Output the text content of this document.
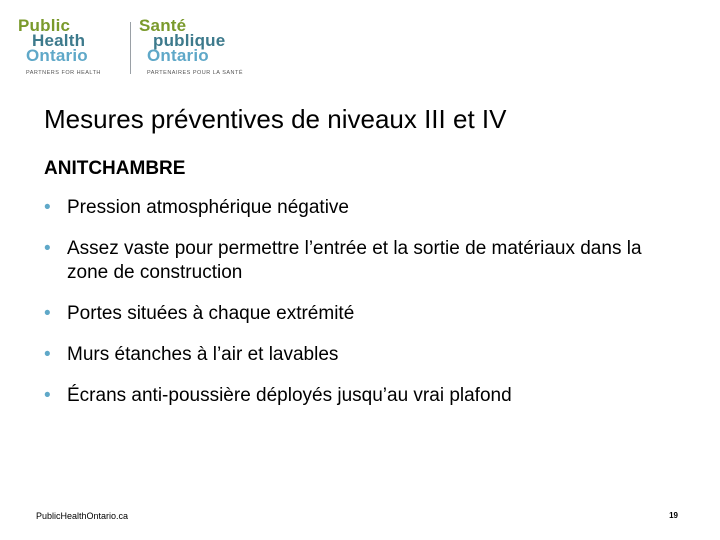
Public
Health
Ontario
PARTNERS FOR HEALTH
Santé
publique
Ontario
PARTENAIRES POUR LA SANTÉ
Mesures préventives de niveaux III et IV
ANITCHAMBRE
• Pression atmosphérique négative
• Assez vaste pour permettre l’entrée et la sortie de matériaux dans la zone de construction
• Portes situées à chaque extrémité
• Murs étanches à l’air et lavables
• Écrans anti-poussière déployés jusqu’au vrai plafond
PublicHealthOntario.ca	19
